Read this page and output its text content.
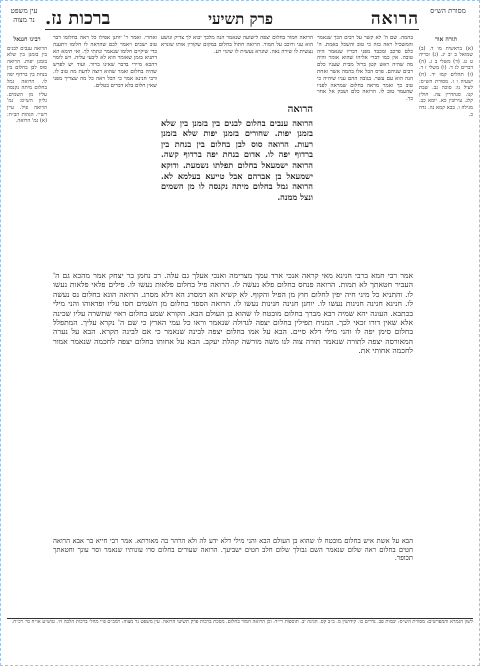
מסורת הש״ס
עין משפט נר מצוה	הרואה
פרק תשיעי
ברכות נז.
תורה אור
(א) בראשית מו ד. (ב) שמואל ב יב יג. (ג) זכריה ט ט. (ד) משלי ב ג. (ה) דברים לג ד. (ו) משלי ז ד. (ז) תהלים קמז יד. (ח) ישעיה ו ז. מסורת הש״ס: לעיל נו: סוכה נב. שבת קנו. סנהדרין צה. חולין קלג. עירובין כא. יומא כב. מגילה ו. בבא קמא נה. נדה כ.
בהמה. שם ה' לא קשר על רבים הכך שנאמר והמשכיל ראה בזה כי טוב והשכל באמת. ה' כלם פרכב ומכבד מפני דבריו שנאמר היה טובה. אין כמו דברי אליהו שהוא אומר והיה מה שהיה ראש קטן ברזל מבית שעניו כלם רבים שניהם. פרס הכל אלו בהמה אשר ואחת הנה הוא עם עשר. בגובה ההם עניו שיהיה כי טוב כך ואמר מראה בחלום שמראה לפניו שהעמד טוב לו. הרואה כלם ושבק אל אחר כך.
הרואה חמור בחלום יצפה לישועה שנאמר הנה מלכך יבוא לך צדיק ונושע הוא עני ורוכב על חמור. הרואה חתול בחלום במקום שקורין אותו שונרא נעשית לו שירה נאה. שונרא נעשית לו שינוי רע.
הרואה
הרואה ענבים בחלום לבנים בין בזמנן בין שלא בזמנן יפות. שחורים בזמנן יפות שלא בזמנן רעות. הרואה סוס לבן בחלום בין בנחת בין ברדוף יפה לו. אדום בנחת יפה ברדוף קשה. הרואה ישמעאל בחלום תפלתו נשמעת. ודוקא ישמעאל בן אברהם אבל טייעא בעלמא לא. הרואה גמל בחלום מיתה נקנסה לו מן השמים ונצל ממנה.
ואחרי. ואמר ר' יוחנן אפילו כל ראה בחלומו דבר טוב ישכים ויאמר לכם שהראה לו חלומו ויתענה כדי שיקיים חלומו שנאמר ונתתי לך. ואי תימא הא דתניא בזמן שאומר הוא לא ליבעי עליה. ויש לומר דהכא מיירי בדבר שאינו ברור. ועוד יש לפרש שהיה בחלום ואמר שהוא רוצה לדעת מה טוב לו. ורבי חנינא אמר כי הכל ראה כל מה שצריך מפני שאין חלום בלא דברים בטלים.
רבינו חננאל
הרואה ענבים לבנים בין בזמנן בין שלא בזמנן יפות. הרואה סוס לבן בחלום בין בנחת בין ברדוף יפה לו. הרואה גמל בחלום מיתה נקנסה עליו מן השמים. גליון הש״ס: גמ' הרואה פיל. עיין רש״י. הגהות הב״ח: (א) גמ' הרואה.
אמר רבי חמא ברבי חנינא מאי קראה אנכי ארד עמך מצרימה ואנכי אעלך גם עלה. רב נחמן בר יצחק אמר מהכא גם ה' העביר חטאתך לא תמות. הרואה פנחס בחלום פלא נעשה לו. הרואה פיל בחלום פלאות נעשו לו. פילים פלאי פלאות נעשו לו. והתניא כל מיני חיה יפין לחלום חוץ מן הפיל והקוף. לא קשיא הא דמסרג הא דלא מסרג. הרואה הונא בחלום נס נעשה לו. חנינא חנינה חנינות נעשו לו. יוחנן חנינה חנינות נעשו לו. הרואה הספד בחלום מן השמים חסו עליו ופדאוהו והני מילי בכתבא. העונה יהא שמיה רבא מברך בחלום מובטח לו שהוא בן העולם הבא. הקורא שמע בחלום ראוי שתשרה עליו שכינה אלא שאין דורו זכאי לכך. המניח תפילין בחלום יצפה לגדולה שנאמר וראו כל עמי הארץ כי שם ה' נקרא עליך. המתפלל בחלום סימן יפה לו והני מילי דלא סיים. הבא על אמו בחלום יצפה לבינה שנאמר כי אם לבינה תקרא. הבא על נערה המאורסה יצפה לתורה שנאמר תורה צוה לנו משה מורשה קהלת יעקב. הבא על אחותו בחלום יצפה לחכמה שנאמר אמור לחכמה אחותי את.
הבא על אשת איש בחלום מובטח לו שהוא בן העולם הבא והני מילי דלא ידע לה ולא הרהר בה מאורתא. אמר רבי חייא בר אבא הרואה חטים בחלום ראה שלום שנאמר השם גבולך שלום חלב חטים ישביעך. הרואה שעורים בחלום סרו עונותיו שנאמר וסר עונך וחטאתך תכופר.
לשון הגמרא והמפרשים: מסורת הש״ס: יבמות פב. נדרים כו. קידושין מ. ב״ב קס. חגיגה יב. תוספות רי״ד: וכן הרואה חמור בחלום. מסכת ברכות פרק תשיעי הרואה. עין משפט נר מצוה: רמב״ם פ״י מהל׳ ברכות הלכה ח׳. טוש״ע או״ח סי׳ רכ״ח.
